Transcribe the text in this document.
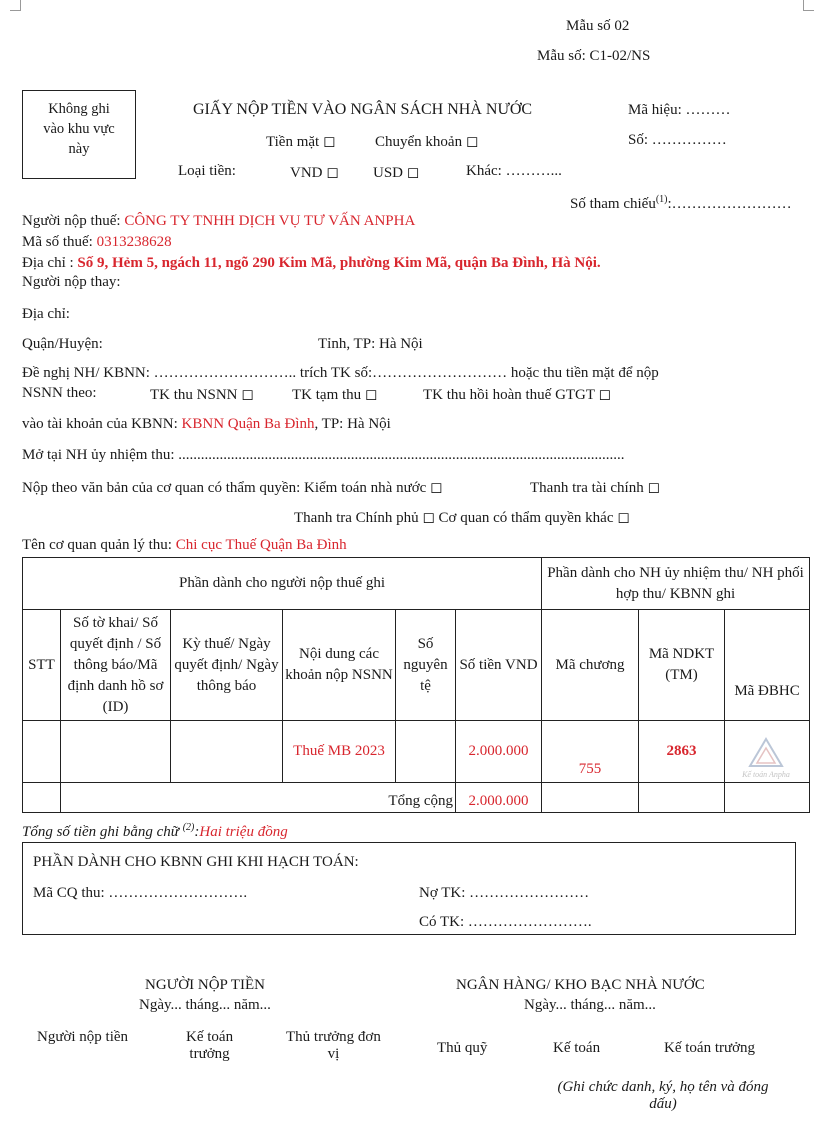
Mẫu số 02
Mẫu số: C1-02/NS
Không ghi
vào khu vực
này
GIẤY NỘP TIỀN VÀO NGÂN SÁCH NHÀ NƯỚC	Mã hiệu: ………
Tiền mặt ◻	Chuyển khoản ◻	Số: ……………
Loại tiền:	VND ◻ USD ◻	Khác: ………...
Số tham chiếu$^{(1)}$:……………………
Người nộp thuế: CÔNG TY TNHH DỊCH VỤ TƯ VẤN ANPHA
Mã số thuế: 0313238628
Địa chỉ : Số 9, Hẻm 5, ngách 11, ngõ 290 Kim Mã, phường Kim Mã, quận Ba Đình, Hà Nội.
Người nộp thay:
Địa chỉ:
Quận/Huyện:	Tỉnh, TP: Hà Nội
Đề nghị NH/ KBNN: ……………………….. trích TK số:……………………… hoặc thu tiền mặt để nộp
NSNN theo:	TK thu NSNN ◻	TK tạm thu ◻	TK thu hồi hoàn thuế GTGT ◻
vào tài khoản của KBNN: KBNN Quận Ba Đình, TP: Hà Nội
Mở tại NH ủy nhiệm thu: .......................................................................................................................
Nộp theo văn bản của cơ quan có thẩm quyền: Kiểm toán nhà nước ◻	Thanh tra tài chính ◻
Thanh tra Chính phủ ◻ Cơ quan có thẩm quyền khác ◻
Tên cơ quan quản lý thu: Chi cục Thuế Quận Ba Đình
Phần dành cho người nộp thuế ghi						Phần dành cho NH ủy nhiệm thu/ NH phối hợp thu/ KBNN ghi		
STT	Số tờ khai/ Số quyết định / Số thông báo/Mã định danh hồ sơ (ID)	Kỳ thuế/ Ngày quyết định/ Ngày thông báo	Nội dung các khoản nộp NSNN	Số nguyên tệ	Số tiền VND	Mã chương	Mã NDKT (TM)	Mã ĐBHC
			Thuế MB 2023		2.000.000	755	2863	
	Tổng cộng				2.000.000			
Kế toán Anpha
Tổng số tiền ghi bằng chữ $^{(2)}$:Hai triệu đồng
PHẦN DÀNH CHO KBNN GHI KHI HẠCH TOÁN:
Mã CQ thu: ……………………….	Nợ TK: ……………………
Có TK: …………………….
NGƯỜI NỘP TIỀN
Ngày... tháng... năm...
NGÂN HÀNG/ KHO BẠC NHÀ NƯỚC
Ngày... tháng... năm...
Người nộp tiền	Kế toán
trưởng
Thủ trưởng đơn
vị	Thủ quỹ	Kế toán	Kế toán trưởng
(Ghi chức danh, ký, họ tên và đóng
dấu)
